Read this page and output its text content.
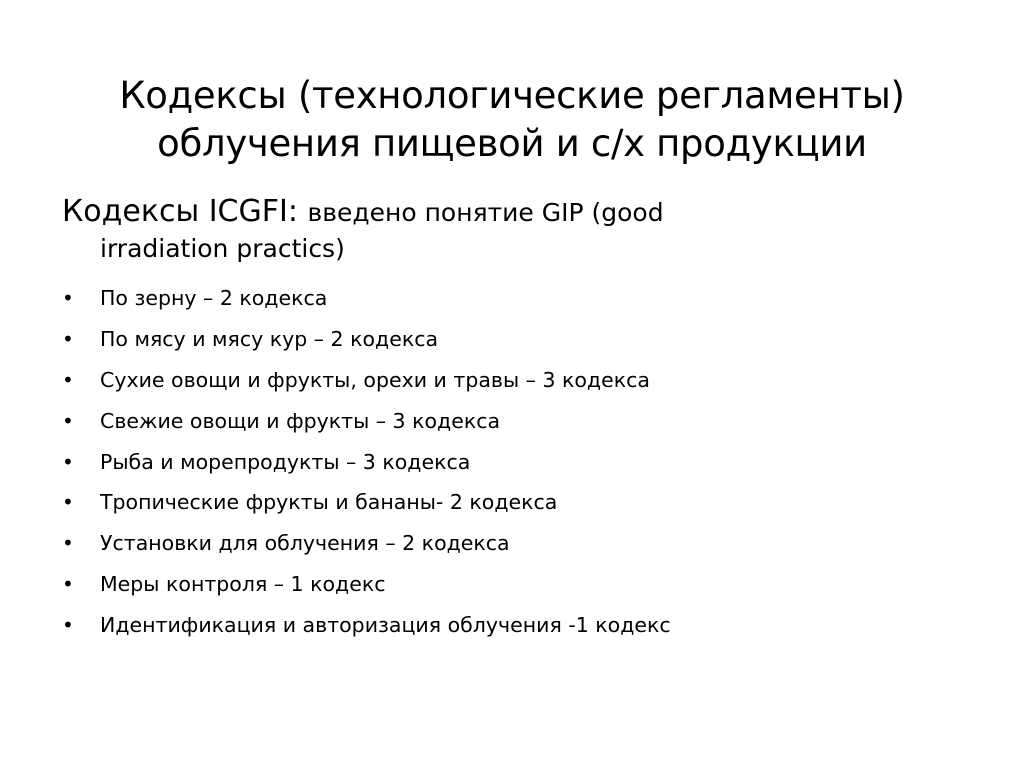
Кодексы (технологические регламенты)
облучения пищевой и с/х продукции
Кодексы ICGFI: введено понятие GIP (good
irradiation practics)
• По зерну – 2 кодекса
• По мясу и мясу кур – 2 кодекса
• Сухие овощи и фрукты, орехи и травы – 3 кодекса
• Свежие овощи и фрукты – 3 кодекса
• Рыба и морепродукты – 3 кодекса
• Тропические фрукты и бананы- 2 кодекса
• Установки для облучения – 2 кодекса
• Меры контроля – 1 кодекс
• Идентификация и авторизация облучения -1 кодекс
